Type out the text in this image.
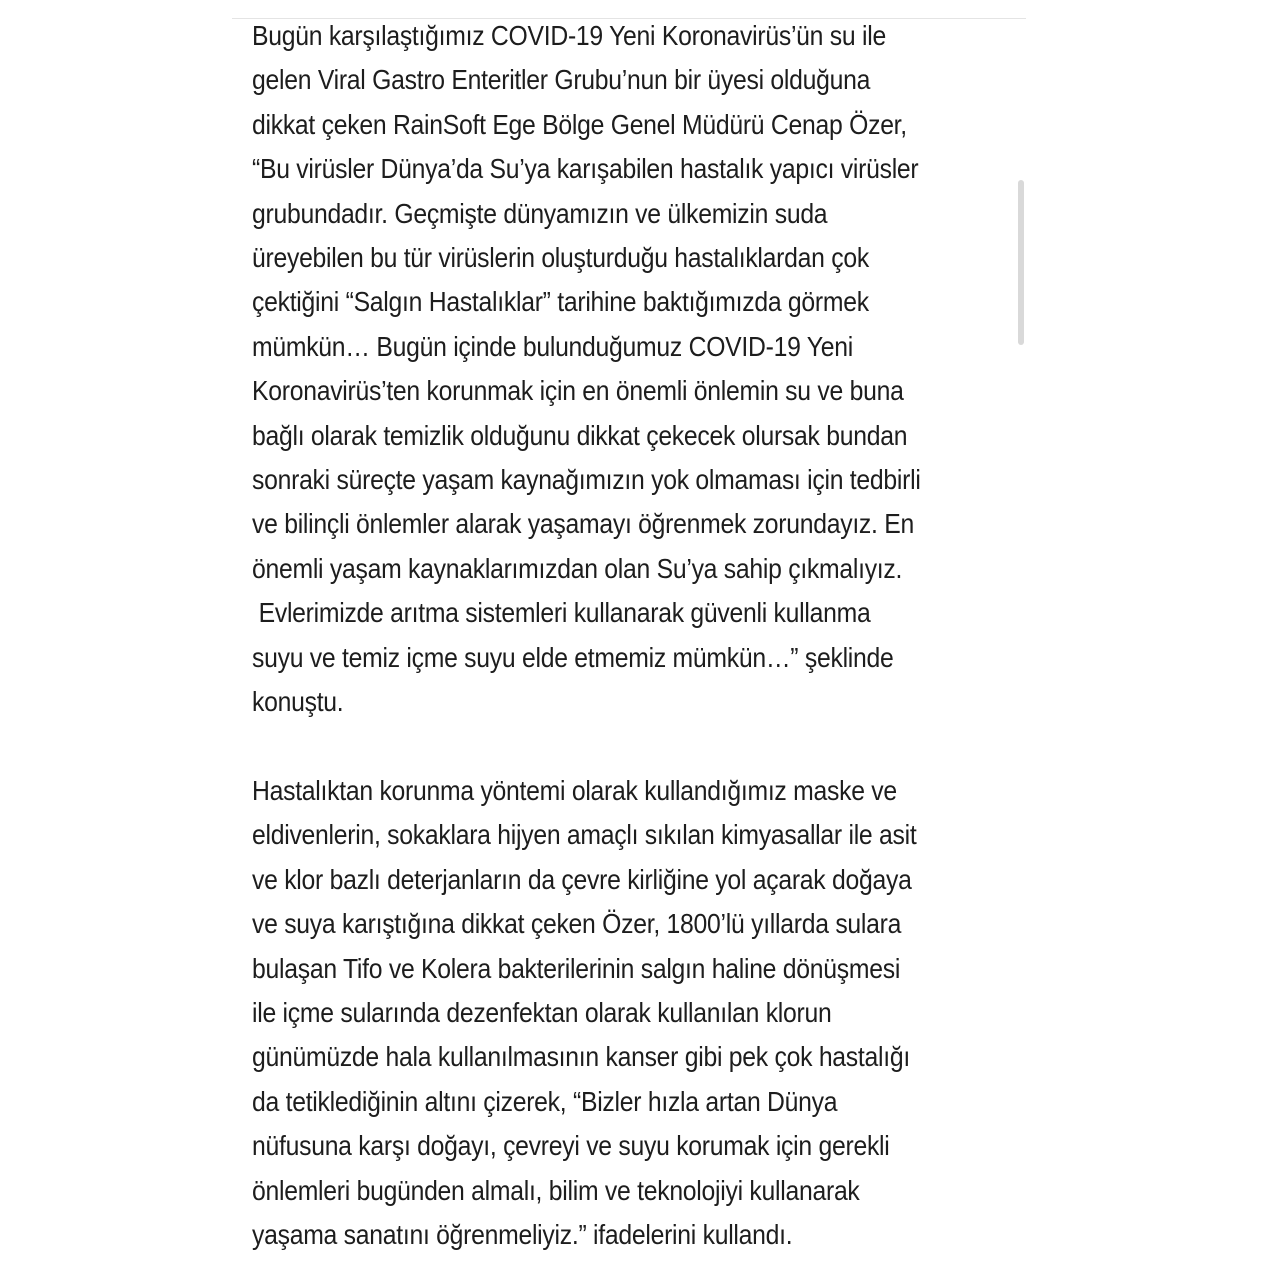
Bugün karşılaştığımız COVID-19 Yeni Koronavirüs’ün su ile
gelen Viral Gastro Enteritler Grubu’nun bir üyesi olduğuna
dikkat çeken RainSoft Ege Bölge Genel Müdürü Cenap Özer,
“Bu virüsler Dünya’da Su’ya karışabilen hastalık yapıcı virüsler
grubundadır. Geçmişte dünyamızın ve ülkemizin suda
üreyebilen bu tür virüslerin oluşturduğu hastalıklardan çok
çektiğini “Salgın Hastalıklar” tarihine baktığımızda görmek
mümkün… Bugün içinde bulunduğumuz COVID-19 Yeni
Koronavirüs’ten korunmak için en önemli önlemin su ve buna
bağlı olarak temizlik olduğunu dikkat çekecek olursak bundan
sonraki süreçte yaşam kaynağımızın yok olmaması için tedbirli
ve bilinçli önlemler alarak yaşamayı öğrenmek zorundayız. En
önemli yaşam kaynaklarımızdan olan Su’ya sahip çıkmalıyız.
Evlerimizde arıtma sistemleri kullanarak güvenli kullanma
suyu ve temiz içme suyu elde etmemiz mümkün…” şeklinde
konuştu.
Hastalıktan korunma yöntemi olarak kullandığımız maske ve
eldivenlerin, sokaklara hijyen amaçlı sıkılan kimyasallar ile asit
ve klor bazlı deterjanların da çevre kirliğine yol açarak doğaya
ve suya karıştığına dikkat çeken Özer, 1800’lü yıllarda sulara
bulaşan Tifo ve Kolera bakterilerinin salgın haline dönüşmesi
ile içme sularında dezenfektan olarak kullanılan klorun
günümüzde hala kullanılmasının kanser gibi pek çok hastalığı
da tetiklediğinin altını çizerek, “Bizler hızla artan Dünya
nüfusuna karşı doğayı, çevreyi ve suyu korumak için gerekli
önlemleri bugünden almalı, bilim ve teknolojiyi kullanarak
yaşama sanatını öğrenmeliyiz.” ifadelerini kullandı.
